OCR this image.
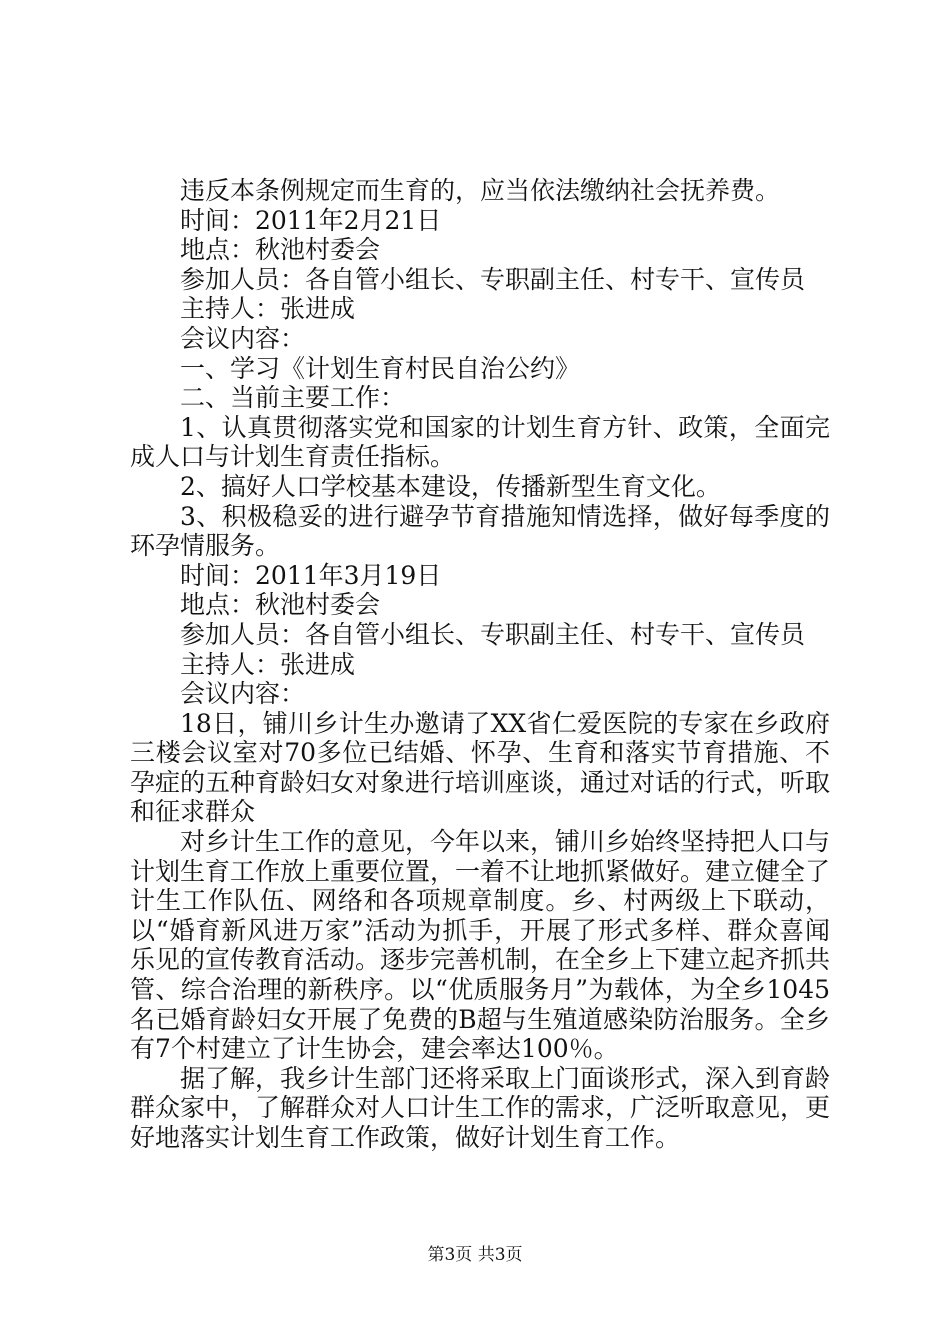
违反本条例规定而生育的，应当依法缴纳社会抚养费。

时间：2011年2月21日

地点：秋池村委会

参加人员：各自管小组长、专职副主任、村专干、宣传员

主持人：张进成

会议内容：

一、学习《计划生育村民自治公约》

二、当前主要工作：

1、认真贯彻落实党和国家的计划生育方针、政策，全面完成人口与计划生育责任指标。

2、搞好人口学校基本建设，传播新型生育文化。

3、积极稳妥的进行避孕节育措施知情选择，做好每季度的环孕情服务。

时间：2011年3月19日

地点：秋池村委会

参加人员：各自管小组长、专职副主任、村专干、宣传员

主持人：张进成

会议内容：

18日，铺川乡计生办邀请了XX省仁爱医院的专家在乡政府三楼会议室对70多位已结婚、怀孕、生育和落实节育措施、不孕症的五种育龄妇女对象进行培训座谈，通过对话的行式，听取和征求群众

对乡计生工作的意见，今年以来，铺川乡始终坚持把人口与计划生育工作放上重要位置，一着不让地抓紧做好。建立健全了计生工作队伍、网络和各项规章制度。乡、村两级上下联动，以“婚育新风进万家”活动为抓手，开展了形式多样、群众喜闻乐见的宣传教育活动。逐步完善机制，在全乡上下建立起齐抓共管、综合治理的新秩序。以“优质服务月”为载体，为全乡1045名已婚育龄妇女开展了免费的B超与生殖道感染防治服务。全乡有7个村建立了计生协会，建会率达100％。

据了解，我乡计生部门还将采取上门面谈形式，深入到育龄群众家中，了解群众对人口计生工作的需求，广泛听取意见，更好地落实计划生育工作政策，做好计划生育工作。

第3页 共3页
